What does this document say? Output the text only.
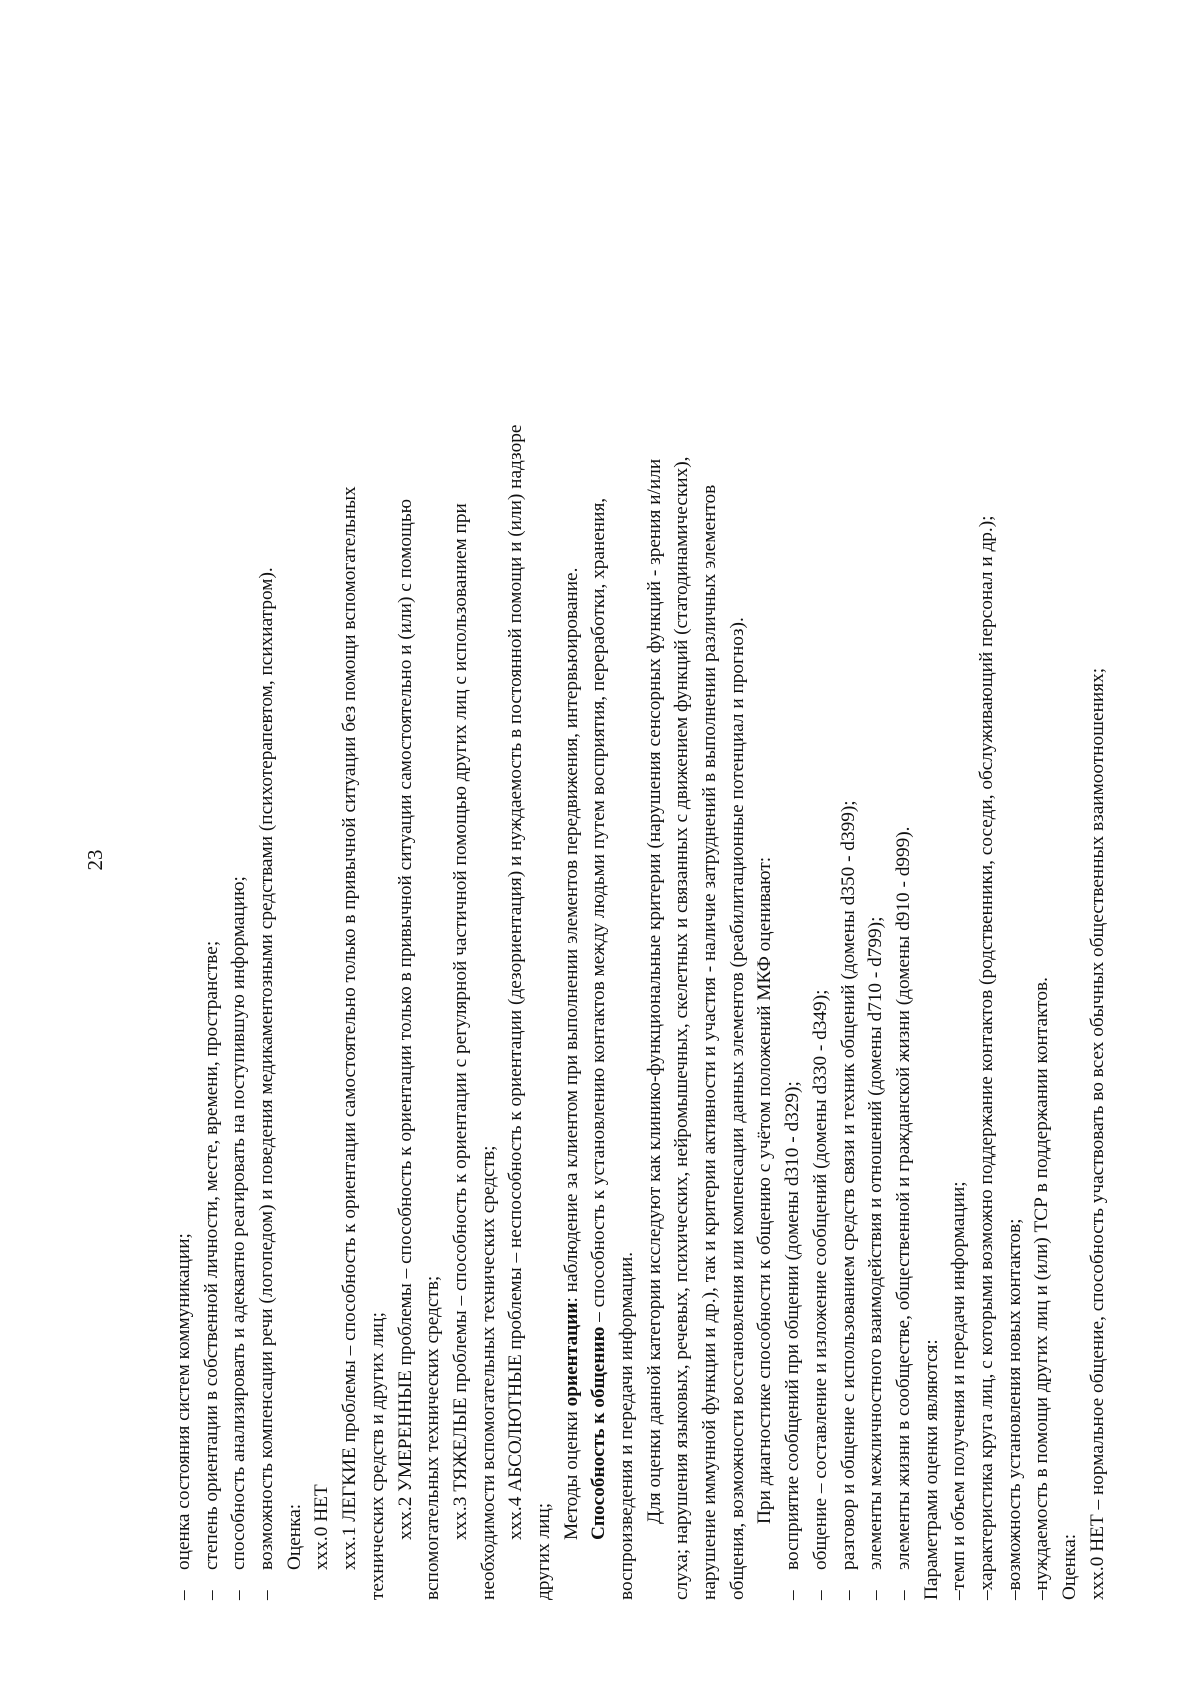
23
–оценка состояния систем коммуникации;
–степень ориентации в собственной личности, месте, времени, пространстве;
–способность анализировать и адекватно реагировать на поступившую информацию;
–возможность компенсации речи (логопедом) и поведения медикаментозными средствами (психотерапевтом, психиатром). Оценка: xxx.0 НЕТ xxx.1 ЛЕГКИЕ проблемы – способность к ориентации самостоятельно только в привычной ситуации без помощи вспомогательных технических средств и других лиц; xxx.2 УМЕРЕННЫЕ проблемы – способность к ориентации только в привычной ситуации самостоятельно и (или) с помощью вспомогательных технических средств; xxx.3 ТЯЖЕЛЫЕ проблемы – способность к ориентации с регулярной частичной помощью других лиц с использованием при необходимости вспомогательных технических средств; xxx.4 АБСОЛЮТНЫЕ проблемы – неспособность к ориентации (дезориентация) и нуждаемость в постоянной помощи и (или) надзоре
других лиц;
Методы оценки ориентации: наблюдение за клиентом при выполнении элементов передвижения, интервьюирование.
Способность к общению – способность к установлению контактов между людьми путем восприятия, переработки, хранения,
воспроизведения и передачи информации. Для оценки данной категории исследуют как клинико-функциональные критерии (нарушения сенсорных функций - зрения и/или слуха; нарушения языковых, речевых, психических, нейромышечных, скелетных и связанных с движением функций (статодинамических), нарушение иммунной функции и др.), так и критерии активности и участия - наличие затруднений в выполнении различных элементов общения, возможности восстановления или компенсации данных элементов (реабилитационные потенциал и прогноз). При диагностике способности к общению с учётом положений МКФ оценивают:
–восприятие сообщений при общении (домены d310 - d329);
–общение – составление и изложение сообщений (домены d330 - d349);
–разговор и общение с использованием средств связи и техник общений (домены d350 - d399);
–элементы межличностного взаимодействия и отношений (домены d710 - d799);
–элементы жизни в сообществе, общественной и гражданской жизни (домены d910 - d999). Параметрами оценки являются: –темп и объем получения и передачи информации; –характеристика круга лиц, с которыми возможно поддержание контактов (родственники, соседи, обслуживающий персонал и др.); –возможность установления новых контактов; –нуждаемость в помощи других лиц и (или) ТСР в поддержании контактов. Оценка: xxx.0 НЕТ – нормальное общение, способность участвовать во всех обычных общественных взаимоотношениях;
